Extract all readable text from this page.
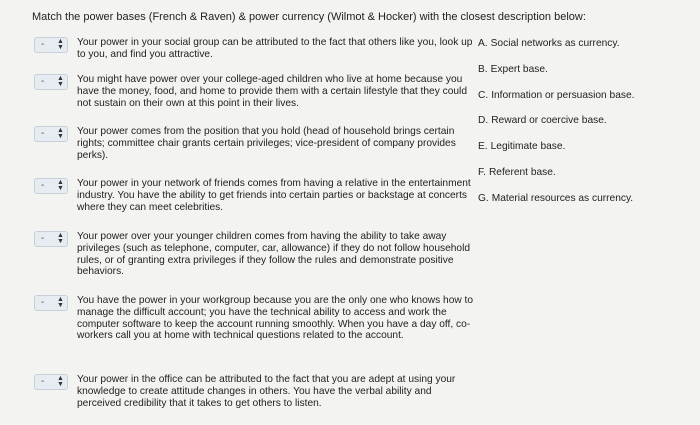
Match the power bases (French & Raven) & power currency (Wilmot & Hocker) with the closest description below:
- ▲
▼ Your power in your social group can be attributed to the fact that others like you, look up to you, and find you attractive.
- ▲
▼ You might have power over your college-aged children who live at home because you have the money, food, and home to provide them with a certain lifestyle that they could not sustain on their own at this point in their lives.
- ▲
▼ Your power comes from the position that you hold (head of household brings certain rights; committee chair grants certain privileges; vice-president of company provides perks).
- ▲
▼ Your power in your network of friends comes from having a relative in the entertainment industry. You have the ability to get friends into certain parties or backstage at concerts where they can meet celebrities.
- ▲
▼ Your power over your younger children comes from having the ability to take away privileges (such as telephone, computer, car, allowance) if they do not follow household rules, or of granting extra privileges if they follow the rules and demonstrate positive behaviors.
- ▲
▼ You have the power in your workgroup because you are the only one who knows how to manage the difficult account; you have the technical ability to access and work the computer software to keep the account running smoothly. When you have a day off, co-workers call you at home with technical questions related to the account.
- ▲
▼ Your power in the office can be attributed to the fact that you are adept at using your knowledge to create attitude changes in others. You have the verbal ability and perceived credibility that it takes to get others to listen.
A. Social networks as currency.
B. Expert base.
C. Information or persuasion base.
D. Reward or coercive base.
E. Legitimate base.
F. Referent base.
G. Material resources as currency.
